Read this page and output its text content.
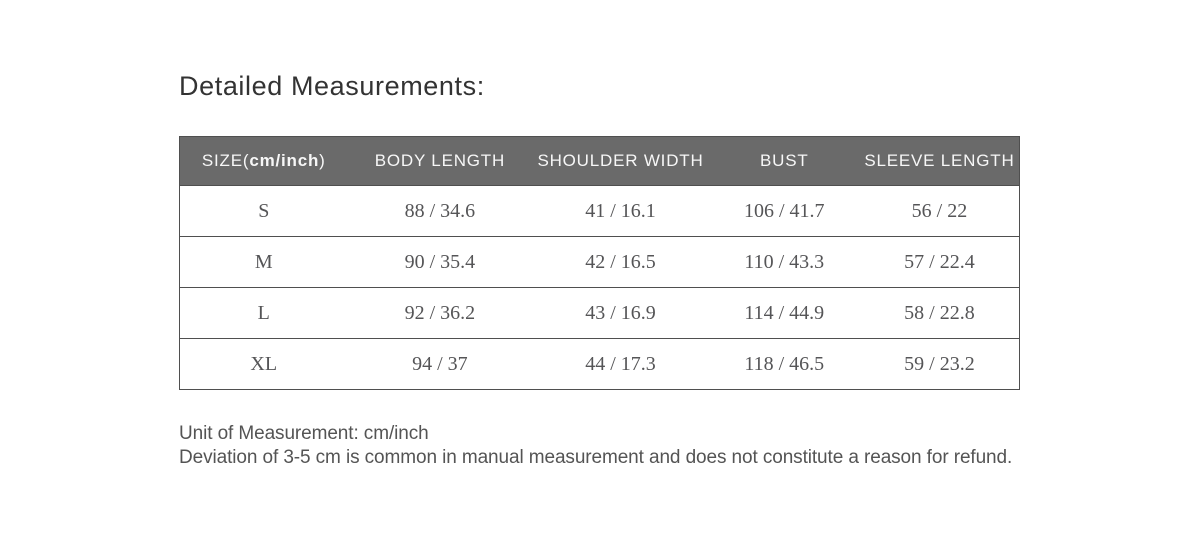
Detailed Measurements:
SIZE(cm/inch)	BODY LENGTH	SHOULDER WIDTH	BUST	SLEEVE LENGTH
S	88 / 34.6	41 / 16.1	106 / 41.7	56 / 22
M	90 / 35.4	42 / 16.5	110 / 43.3	57 / 22.4
L	92 / 36.2	43 / 16.9	114 / 44.9	58 / 22.8
XL	94 / 37	44 / 17.3	118 / 46.5	59 / 23.2

Unit of Measurement: cm/inch

Deviation of 3-5 cm is common in manual measurement and does not constitute a reason for refund.
